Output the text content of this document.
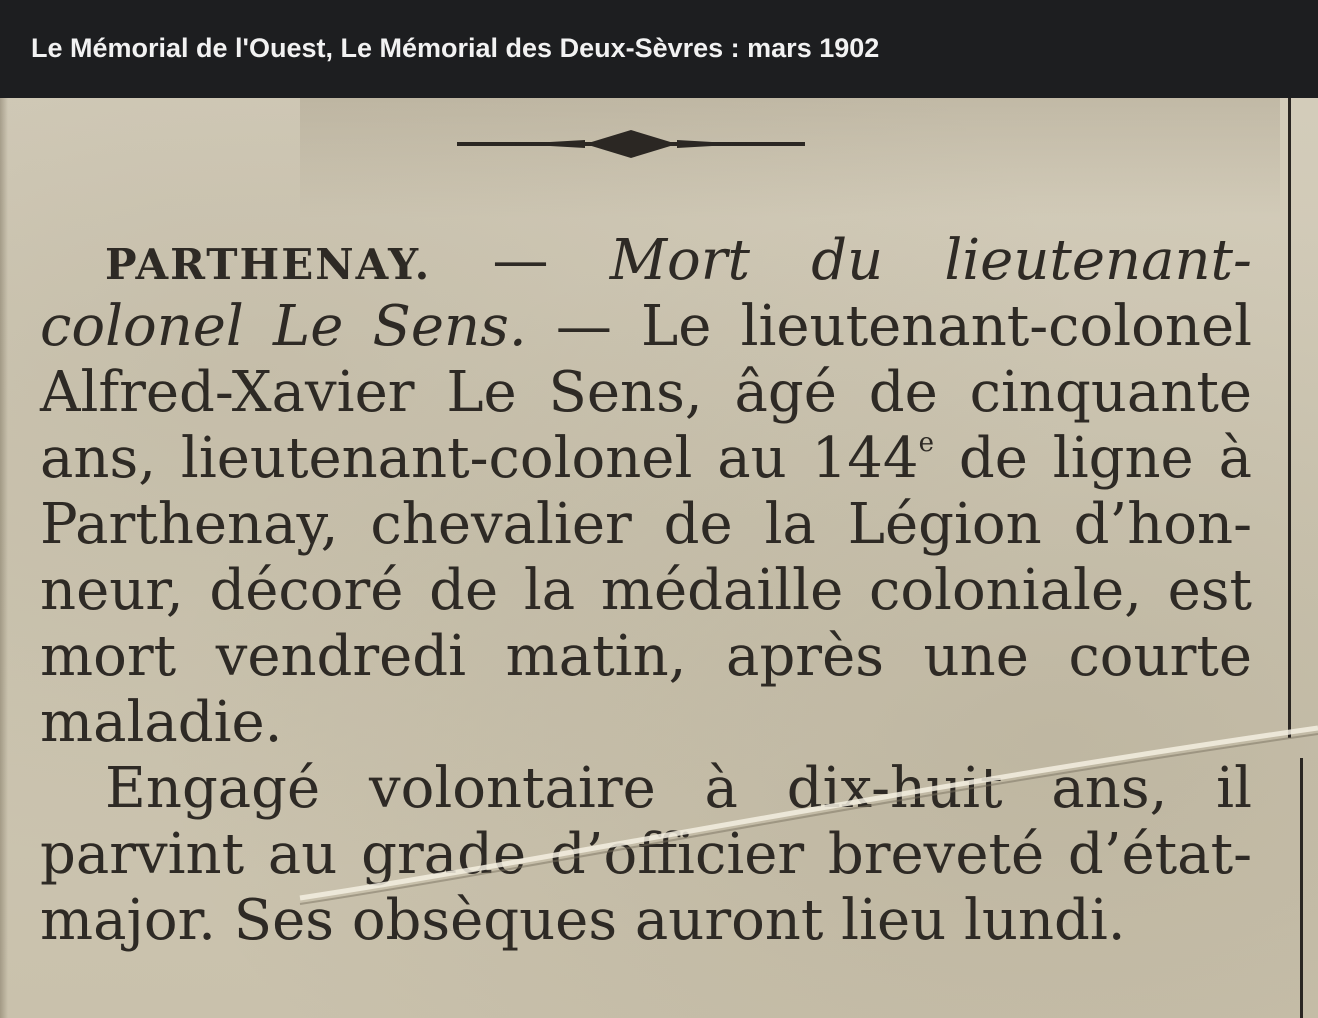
Le Mémorial de l'Ouest, Le Mémorial des Deux-Sèvres : mars 1902
PARTHENAY. — Mort du lieutenant-
colonel Le Sens. — Le lieutenant-colonel
Alfred-Xavier Le Sens, âgé de cinquante
ans, lieutenant-colonel au 144e de ligne à
Parthenay, chevalier de la Légion d’hon-
neur, décoré de la médaille coloniale, est
mort vendredi matin, après une courte
maladie.
Engagé volontaire à dix-huit ans, il
parvint au grade d’officier breveté d’état-
major. Ses obsèques auront lieu lundi.
